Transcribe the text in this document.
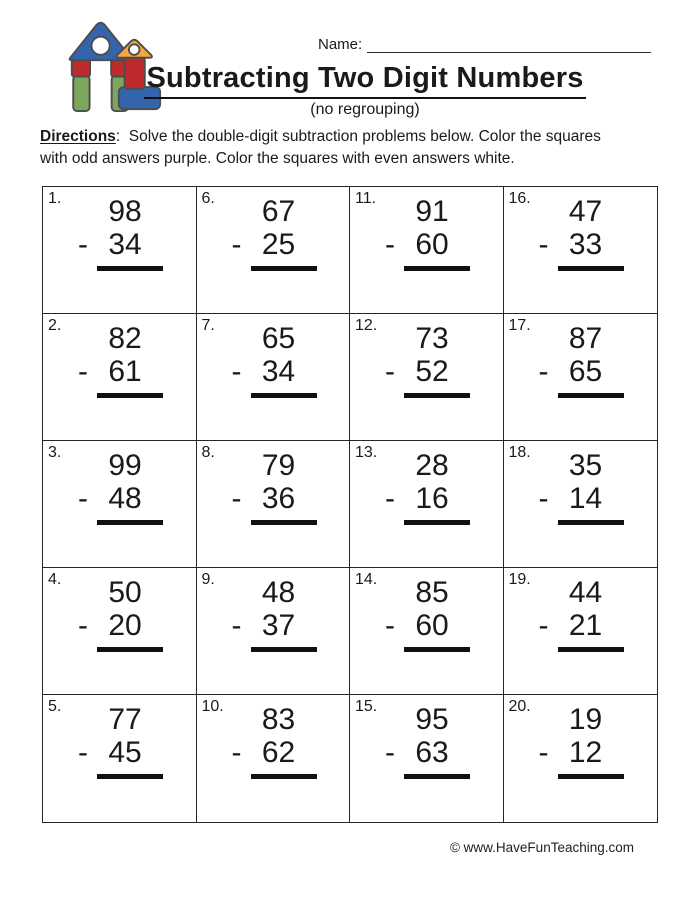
Name:
Subtracting Two Digit Numbers
(no regrouping)

Directions: Solve the double-digit subtraction problems below. Color the squares
with odd answers purple. Color the squares with even answers white.

1.	98
- 34
2.	82
- 61
3.	99
- 48
4.	50
- 20
5.	77
- 45
6.	67
- 25
7.	65
- 34
8.	79
- 36
9.	48
- 37
10.	83
- 62
11.	91
- 60
12.	73
- 52
13.	28
- 16
14.	85
- 60
15.	95
- 63
16.	47
- 33
17.	87
- 65
18.	35
- 14
19.	44
- 21
20.	19
- 12
© www.HaveFunTeaching.com
